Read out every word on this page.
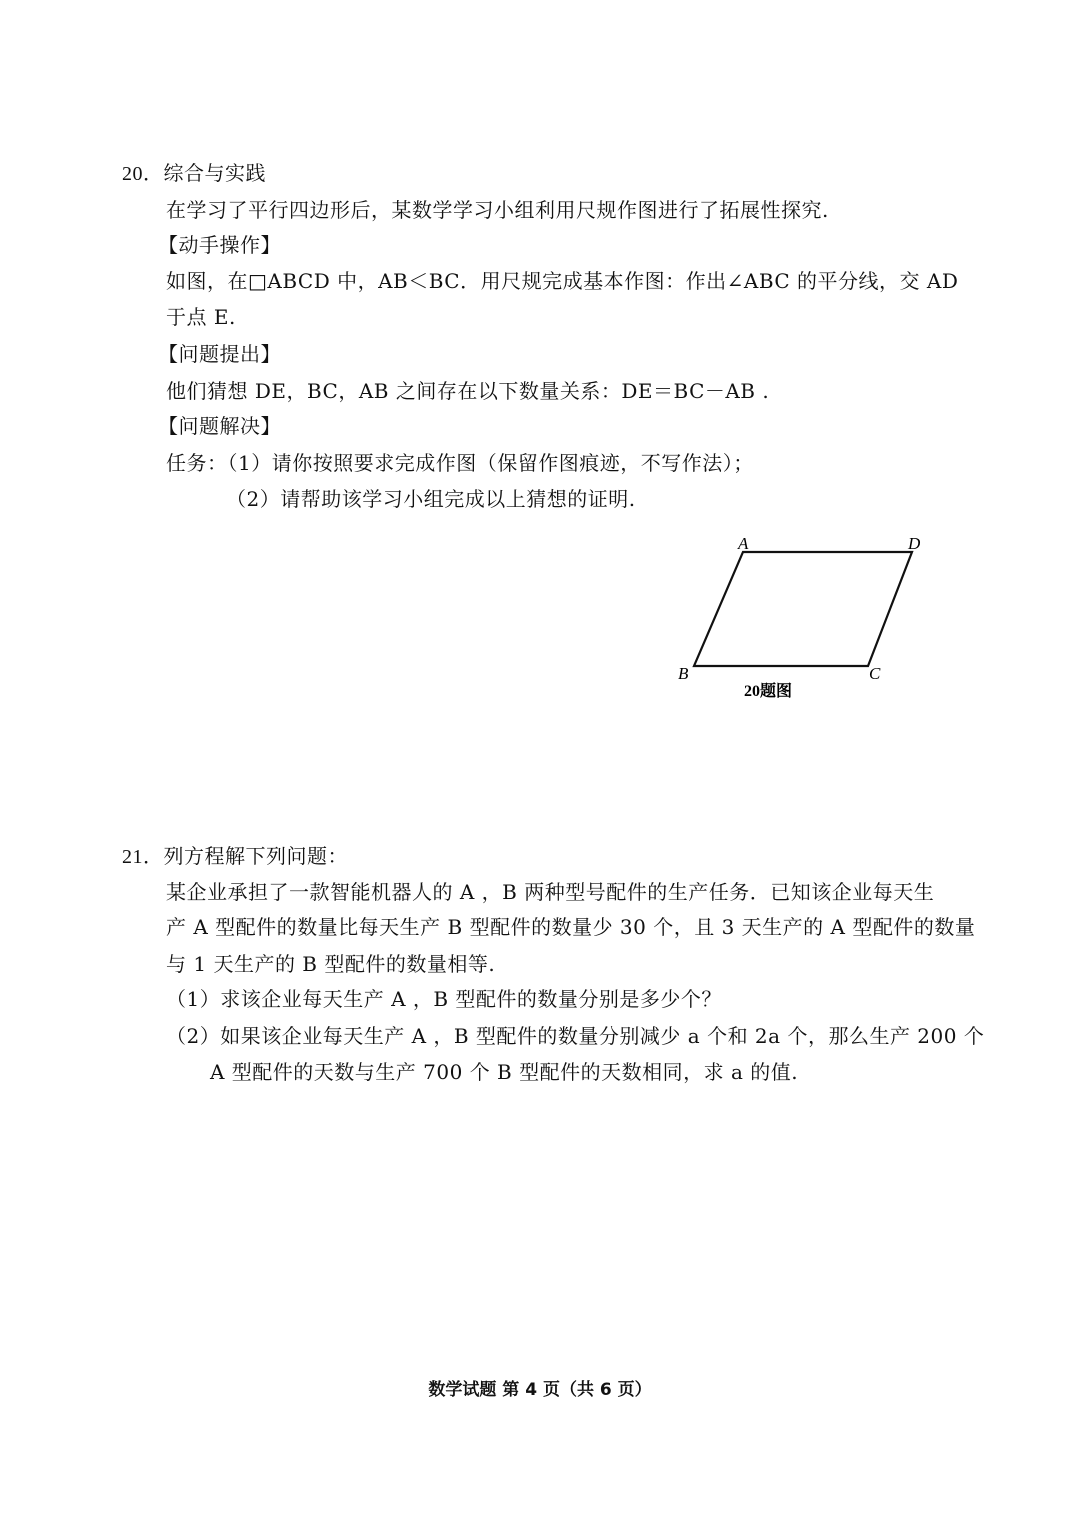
20．综合与实践
在学习了平行四边形后，某数学学习小组利用尺规作图进行了拓展性探究.
【动手操作】
如图，在□ABCD 中，AB＜BC．用尺规完成基本作图：作出∠ABC 的平分线，交 AD
于点 E.
【问题提出】
他们猜想 DE，BC，AB 之间存在以下数量关系：DE＝BC－AB .
【问题解决】
任务：（1）请你按照要求完成作图（保留作图痕迹，不写作法）；
（2）请帮助该学习小组完成以上猜想的证明.
A	D
B	C
20题图
21．列方程解下列问题：
某企业承担了一款智能机器人的 A ，B 两种型号配件的生产任务．已知该企业每天生
产 A 型配件的数量比每天生产 B 型配件的数量少 30 个，且 3 天生产的 A 型配件的数量
与 1 天生产的 B 型配件的数量相等.
（1）求该企业每天生产 A ，B 型配件的数量分别是多少个？
（2）如果该企业每天生产 A ，B 型配件的数量分别减少 a 个和 2a 个，那么生产 200 个
A 型配件的天数与生产 700 个 B 型配件的天数相同，求 a 的值.
数学试题 第 4 页（共 6 页）
